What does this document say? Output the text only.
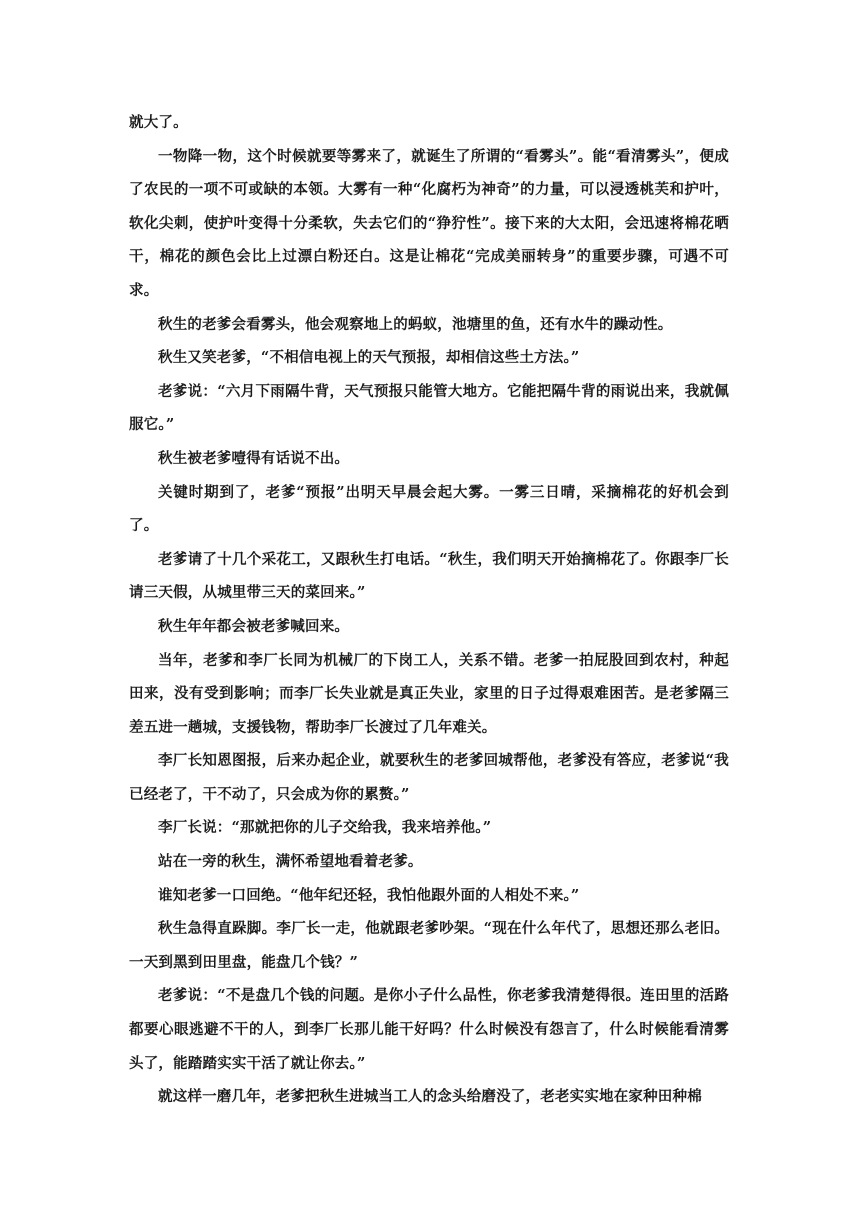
就大了。

一物降一物，这个时候就要等雾来了，就诞生了所谓的“看雾头”。能“看清雾头”，便成了农民的一项不可或缺的本领。大雾有一种“化腐朽为神奇”的力量，可以浸透桃芙和护叶，软化尖刺，使护叶变得十分柔软，失去它们的“狰狞性”。接下来的大太阳，会迅速将棉花晒干，棉花的颜色会比上过漂白粉还白。这是让棉花“完成美丽转身”的重要步骤，可遇不可求。

秋生的老爹会看雾头，他会观察地上的蚂蚁，池塘里的鱼，还有水牛的躁动性。

秋生又笑老爹，“不相信电视上的天气预报，却相信这些土方法。”

老爹说：“六月下雨隔牛背，天气预报只能管大地方。它能把隔牛背的雨说出来，我就佩服它。”

秋生被老爹噎得有话说不出。

关键时期到了，老爹“预报”出明天早晨会起大雾。一雾三日晴，采摘棉花的好机会到了。

老爹请了十几个采花工，又跟秋生打电话。“秋生，我们明天开始摘棉花了。你跟李厂长请三天假，从城里带三天的菜回来。”

秋生年年都会被老爹喊回来。

当年，老爹和李厂长同为机械厂的下岗工人，关系不错。老爹一拍屁股回到农村，种起田来，没有受到影响；而李厂长失业就是真正失业，家里的日子过得艰难困苦。是老爹隔三差五进一趟城，支援钱物，帮助李厂长渡过了几年难关。

李厂长知恩图报，后来办起企业，就要秋生的老爹回城帮他，老爹没有答应，老爹说“我已经老了，干不动了，只会成为你的累赘。”

李厂长说：“那就把你的儿子交给我，我来培养他。”

站在一旁的秋生，满怀希望地看着老爹。

谁知老爹一口回绝。“他年纪还轻，我怕他跟外面的人相处不来。”

秋生急得直跺脚。李厂长一走，他就跟老爹吵架。“现在什么年代了，思想还那么老旧。一天到黑到田里盘，能盘几个钱？”

老爹说：“不是盘几个钱的问题。是你小子什么品性，你老爹我清楚得很。连田里的活路都要心眼逃避不干的人，到李厂长那儿能干好吗？什么时候没有怨言了，什么时候能看清雾头了，能踏踏实实干活了就让你去。”

就这样一磨几年，老爹把秋生进城当工人的念头给磨没了，老老实实地在家种田种棉
